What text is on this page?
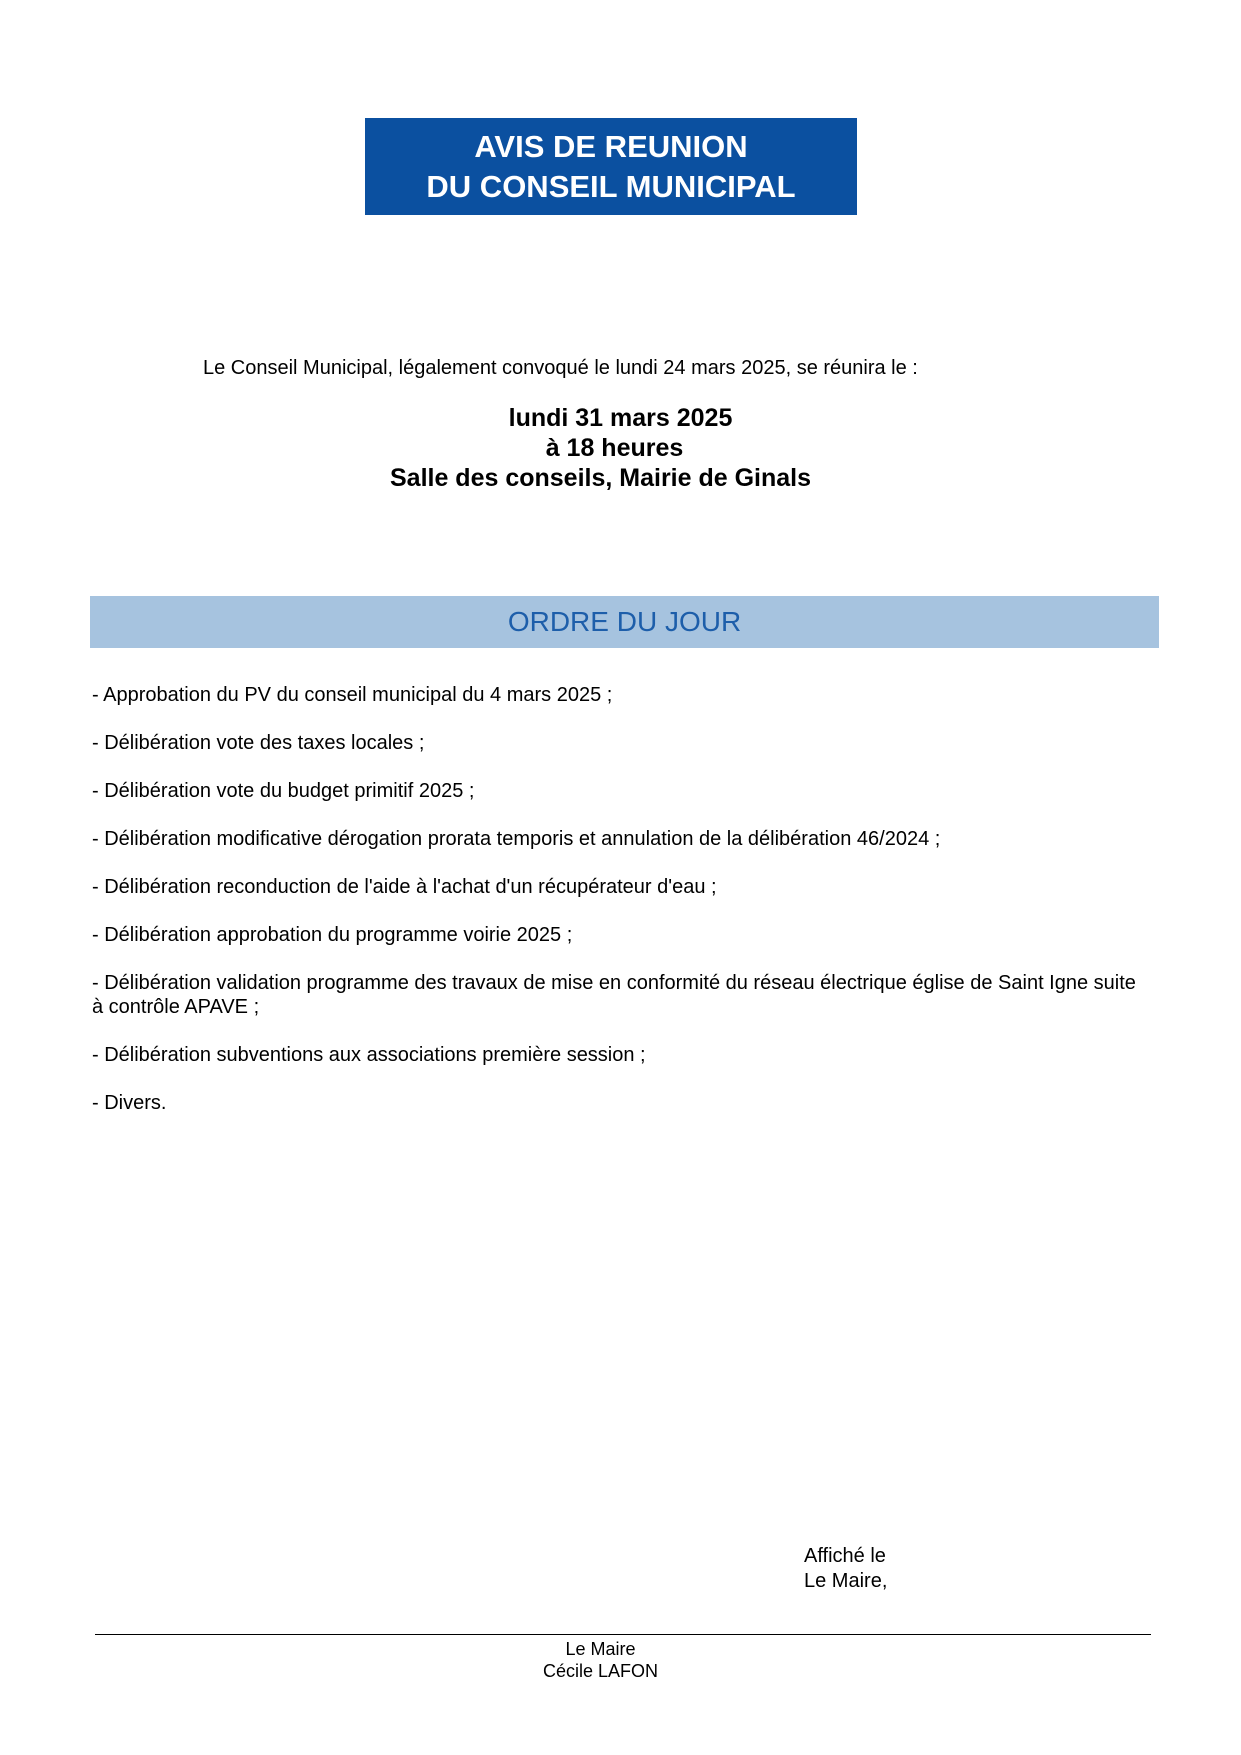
AVIS DE REUNION
DU CONSEIL MUNICIPAL
Le Conseil Municipal, légalement convoqué le lundi 24 mars 2025, se réunira le :
lundi 31 mars 2025
à 18 heures
Salle des conseils, Mairie de Ginals
ORDRE DU JOUR
- Approbation du PV du conseil municipal du 4 mars 2025 ;
- Délibération vote des taxes locales ;
- Délibération vote du budget primitif 2025 ;
- Délibération modificative dérogation prorata temporis et annulation de la délibération 46/2024 ;
- Délibération reconduction de l'aide à l'achat d'un récupérateur d'eau ;
- Délibération approbation du programme voirie 2025 ;
- Délibération validation programme des travaux de mise en conformité du réseau électrique église de Saint Igne suite à contrôle APAVE ;
- Délibération subventions aux associations première session ;
- Divers.
Affiché le
Le Maire,
Le Maire
Cécile LAFON
